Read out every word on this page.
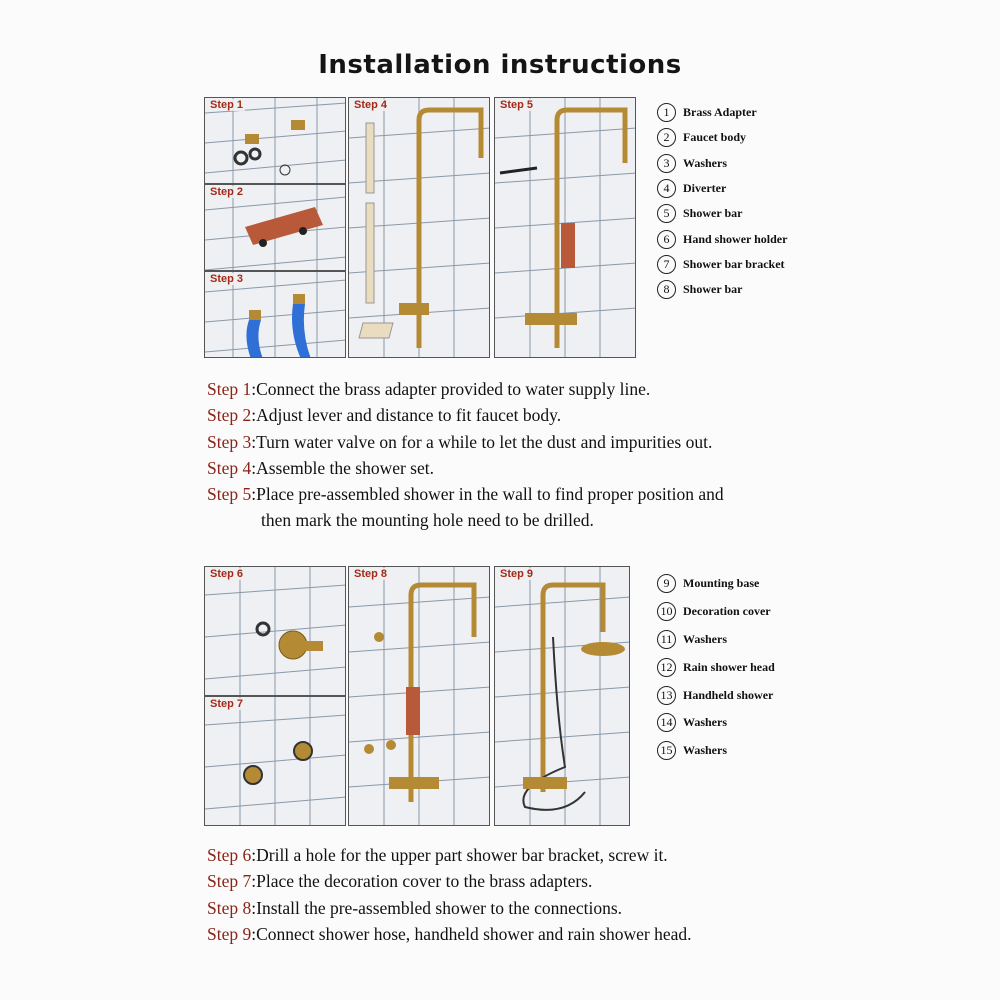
Installation instructions
Step 1
Step 2
Step 3
Step 4	Step 5
1	Brass Adapter
2	Faucet body
3	Washers
4	Diverter
5	Shower bar
6	Hand shower holder
7	Shower bar bracket
8	Shower bar
Step 1:Connect the brass adapter provided to water supply line.
Step 2:Adjust lever and distance to fit faucet body.
Step 3:Turn water valve on for a while to let the dust and impurities out.
Step 4:Assemble the shower set.
Step 5:Place pre-assembled shower in the wall to find proper position and
then mark the mounting hole need to be drilled.
Step 6
Step 7
Step 8	Step 9
9	Mounting base
10 Decoration cover
11 Washers
12 Rain shower head
13 Handheld shower
14 Washers
15 Washers
Step 6:Drill a hole for the upper part shower bar bracket, screw it.
Step 7:Place the decoration cover to the brass adapters.
Step 8:Install the pre-assembled shower to the connections.
Step 9:Connect shower hose, handheld shower and rain shower head.
